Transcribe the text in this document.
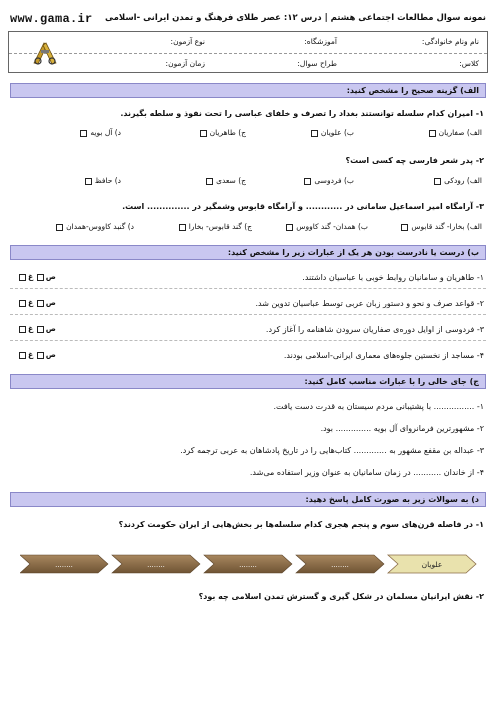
www.gama.ir نمونه سوال مطالعات اجتماعی هشتم | درس ۱۲: عصر طلای فرهنگ و تمدن ایرانی -اسلامی
نام ونام خانوادگی:
آموزشگاه:
نوع آزمون:
کلاس:
طراح سوال:
زمان آزمون:
الف) گزینه صحیح را مشخص کنید:
۱- امیران کدام سلسله توانستند بغداد را تصرف و خلفای عباسی را تحت نفوذ و سلطه بگیرند.
الف) صفاریان
ب) علویان
ج) طاهریان
د) آل بویه
۲- پدر شعر فارسی چه کسی است؟
الف) رودکی
ب) فردوسی
ج) سعدی
د) حافظ
۳- آرامگاه امیر اسماعیل سامانی در ............ و آرامگاه قابوس وشمگیر در .............. است.
الف) بخارا- گند قابوس
ب) همدان- گند کاووس
ج) گند قابوس- بخارا
د) گنبد کاووس-همدان
ب) درست یا نادرست بودن هر یک از عبارات زیر را مشخص کنید:
۱- طاهریان و سامانیان روابط خوبی با عباسیان داشتند.
ص غ
۲- قواعد صرف و نحو و دستور زبان عربی توسط عباسیان تدوین شد.
ص غ
۳- فردوسی از اوایل دوره‌ی صفاریان سرودن شاهنامه را آغاز کرد.
ص غ
۴- مساجد از نخستین جلوه‌های معماری ایرانی-اسلامی بودند.
ص غ
ج) جای خالی را با عبارات مناسب کامل کنید:
۱- ................ با پشتیبانی مردم سیستان به قدرت دست یافت.
۲- مشهورترین فرمانروای آل بویه .............. بود.
۳- عبداله بن مقفع مشهور به ............. کتاب‌هایی را در تاریخ پادشاهان به عربی ترجمه کرد.
۴- از خاندان ........... در زمان سامانیان به عنوان وزیر استفاده می‌شد.
د) به سوالات زیر به صورت کامل پاسخ دهید:
۱- در فاصله قرن‌های سوم و پنجم هجری کدام سلسله‌ها بر بخش‌هایی از ایران حکومت کردند؟
........	........	........	........	علویان
۲- نقش ایرانیان مسلمان در شکل گیری و گسترش تمدن اسلامی چه بود؟
